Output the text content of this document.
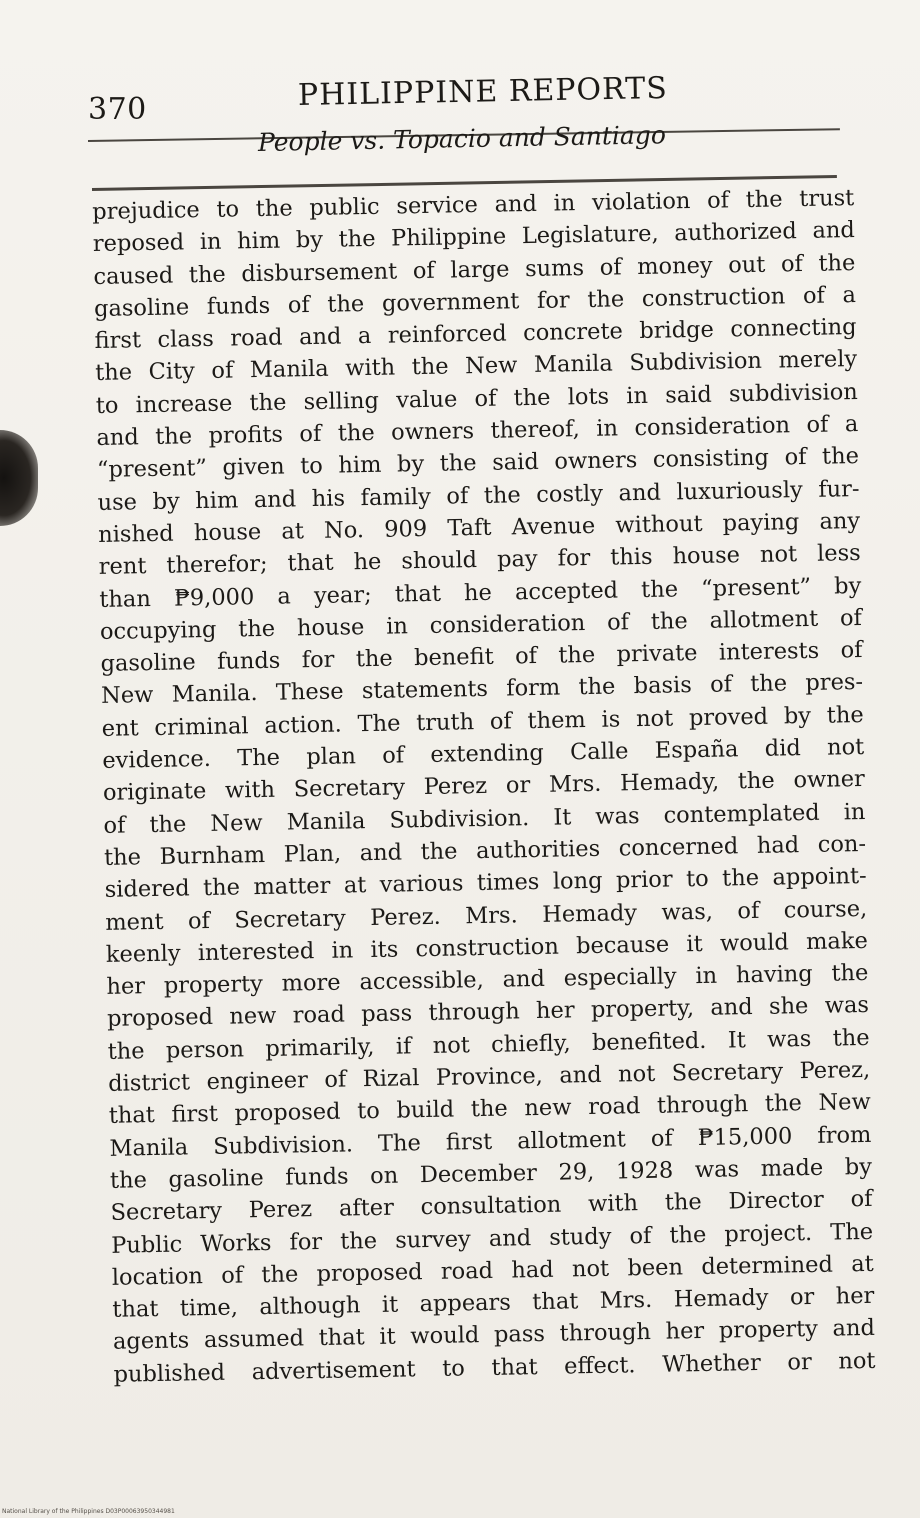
370	PHILIPPINE REPORTS
People vs. Topacio and Santiago
prejudice to the public service and in violation of the trust
reposed in him by the Philippine Legislature, authorized and
caused the disbursement of large sums of money out of the
gasoline funds of the government for the construction of a
first class road and a reinforced concrete bridge connecting
the City of Manila with the New Manila Subdivision merely
to increase the selling value of the lots in said subdivision
and the profits of the owners thereof, in consideration of a
“present” given to him by the said owners consisting of the
use by him and his family of the costly and luxuriously fur-
nished house at No. 909 Taft Avenue without paying any
rent therefor; that he should pay for this house not less
than ₱9,000 a year; that he accepted the “present” by
occupying the house in consideration of the allotment of
gasoline funds for the benefit of the private interests of
New Manila. These statements form the basis of the pres-
ent criminal action. The truth of them is not proved by the
evidence. The plan of extending Calle España did not
originate with Secretary Perez or Mrs. Hemady, the owner
of the New Manila Subdivision. It was contemplated in
the Burnham Plan, and the authorities concerned had con-
sidered the matter at various times long prior to the appoint-
ment of Secretary Perez. Mrs. Hemady was, of course,
keenly interested in its construction because it would make
her property more accessible, and especially in having the
proposed new road pass through her property, and she was
the person primarily, if not chiefly, benefited. It was the
district engineer of Rizal Province, and not Secretary Perez,
that first proposed to build the new road through the New
Manila Subdivision. The first allotment of ₱15,000 from
the gasoline funds on December 29, 1928 was made by
Secretary Perez after consultation with the Director of
Public Works for the survey and study of the project. The
location of the proposed road had not been determined at
that time, although it appears that Mrs. Hemady or her
agents assumed that it would pass through her property and
published advertisement to that effect. Whether or not
National Library of the Philippines D03P00063950344981
